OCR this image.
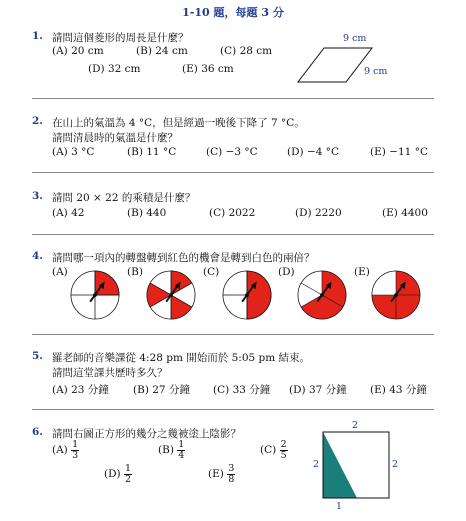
1-10 題，每題 3 分
1. 請問這個菱形的周長是什麼？
(A) 20 cm	(B) 24 cm	(C) 28 cm
(D) 32 cm	(E) 36 cm
9 cm
9 cm
2. 在山上的氣溫為 4 °C，但是經過一晚後下降了 7 °C。
請問清晨時的氣溫是什麼？
(A) 3 °C	(B) 11 °C	(C) −3 °C	(D) −4 °C	(E) −11 °C
3. 請問 20 × 22 的乘積是什麼？
(A) 42	(B) 440	(C) 2022	(D) 2220	(E) 4400
4. 請問哪一項內的轉盤轉到紅色的機會是轉到白色的兩倍？
(A)	(B)	(C)	(D)	(E)
5. 羅老師的音樂課從 4:28 pm 開始而於 5:05 pm 結束。
請問這堂課共歷時多久？
(A) 23 分鐘 (B) 27 分鐘 (C) 33 分鐘 (D) 37 分鐘 (E) 43 分鐘
6. 請問右圖正方形的幾分之幾被塗上陰影？
$(A) \frac{1}{3}$	$(B) \frac{1}{4}$	$(C) \frac{2}{5}$
$(D) \frac{1}{2}$	$(E) \frac{3}{8}$
2
2	2
1
